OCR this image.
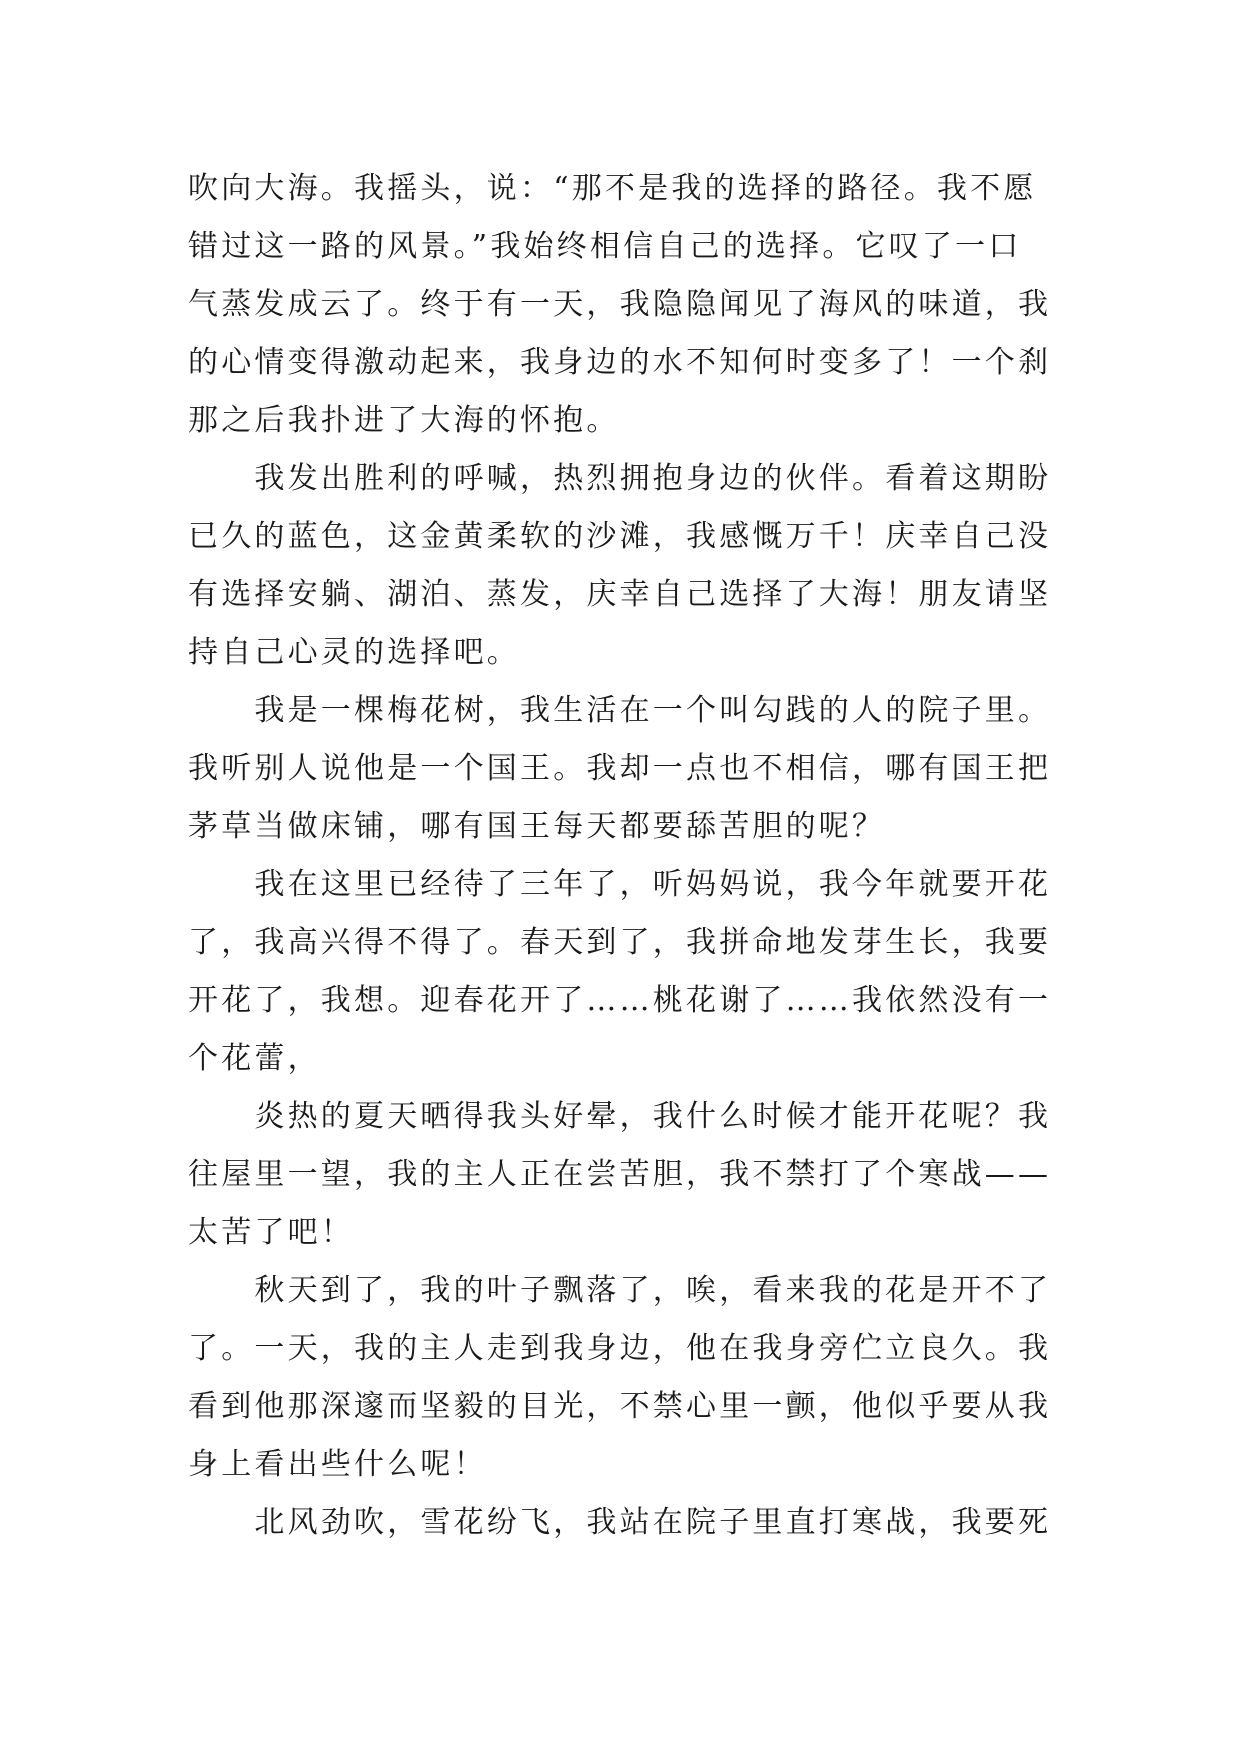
吹向大海。我摇头，说：“那不是我的选择的路径。我不愿
错过这一路的风景。”我始终相信自己的选择。它叹了一口
气蒸发成云了。终于有一天，我隐隐闻见了海风的味道，我
的心情变得激动起来，我身边的水不知何时变多了！一个刹
那之后我扑进了大海的怀抱。
　　我发出胜利的呼喊，热烈拥抱身边的伙伴。看着这期盼
已久的蓝色，这金黄柔软的沙滩，我感慨万千！庆幸自己没
有选择安躺、湖泊、蒸发，庆幸自己选择了大海！朋友请坚
持自己心灵的选择吧。
　　我是一棵梅花树，我生活在一个叫勾践的人的院子里。
我听别人说他是一个国王。我却一点也不相信，哪有国王把
茅草当做床铺，哪有国王每天都要舔苦胆的呢？
　　我在这里已经待了三年了，听妈妈说，我今年就要开花
了，我高兴得不得了。春天到了，我拼命地发芽生长，我要
开花了，我想。迎春花开了……桃花谢了……我依然没有一
个花蕾，
　　炎热的夏天晒得我头好晕，我什么时候才能开花呢？我
往屋里一望，我的主人正在尝苦胆，我不禁打了个寒战——
太苦了吧！
　　秋天到了，我的叶子飘落了，唉，看来我的花是开不了
了。一天，我的主人走到我身边，他在我身旁伫立良久。我
看到他那深邃而坚毅的目光，不禁心里一颤，他似乎要从我
身上看出些什么呢！
　　北风劲吹，雪花纷飞，我站在院子里直打寒战，我要死
